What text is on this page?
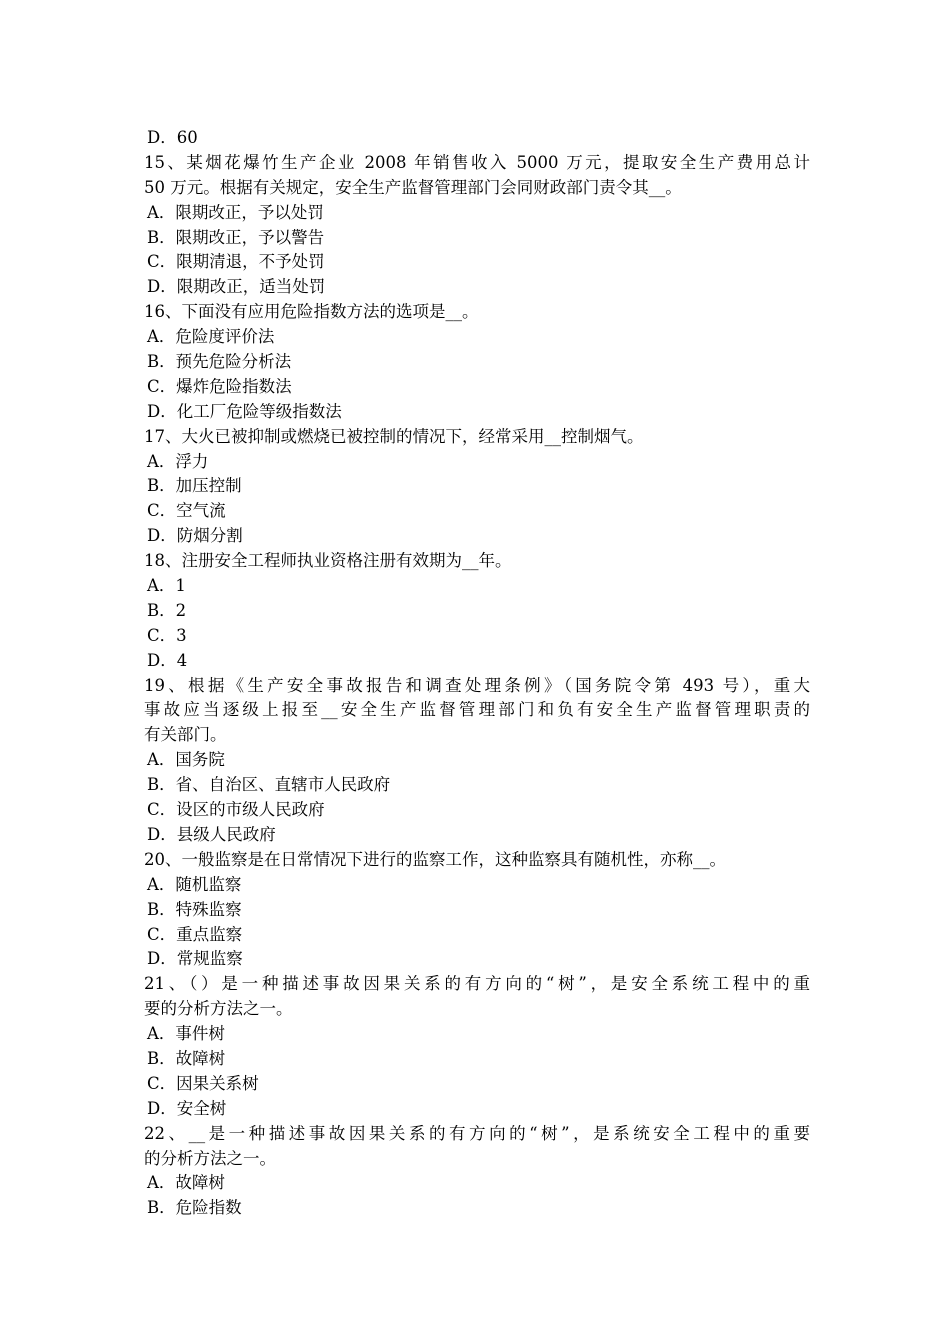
D．60
15、某烟花爆竹生产企业 2008 年销售收入 5000 万元，提取安全生产费用总计
50 万元。根据有关规定，安全生产监督管理部门会同财政部门责令其__。
A．限期改正，予以处罚
B．限期改正，予以警告
C．限期清退，不予处罚
D．限期改正，适当处罚
16、下面没有应用危险指数方法的选项是__。
A．危险度评价法
B．预先危险分析法
C．爆炸危险指数法
D．化工厂危险等级指数法
17、大火已被抑制或燃烧已被控制的情况下，经常采用__控制烟气。
A．浮力
B．加压控制
C．空气流
D．防烟分割
18、注册安全工程师执业资格注册有效期为__年。
A．1
B．2
C．3
D．4
19、根据《生产安全事故报告和调查处理条例》（国务院令第 493 号），重大
事故应当逐级上报至__安全生产监督管理部门和负有安全生产监督管理职责的
有关部门。
A．国务院
B．省、自治区、直辖市人民政府
C．设区的市级人民政府
D．县级人民政府
20、一般监察是在日常情况下进行的监察工作，这种监察具有随机性，亦称__。
A．随机监察
B．特殊监察
C．重点监察
D．常规监察
21、（）是一种描述事故因果关系的有方向的“树”，是安全系统工程中的重
要的分析方法之一。
A．事件树
B．故障树
C．因果关系树
D．安全树
22、__是一种描述事故因果关系的有方向的“树”，是系统安全工程中的重要
的分析方法之一。
A．故障树
B．危险指数
